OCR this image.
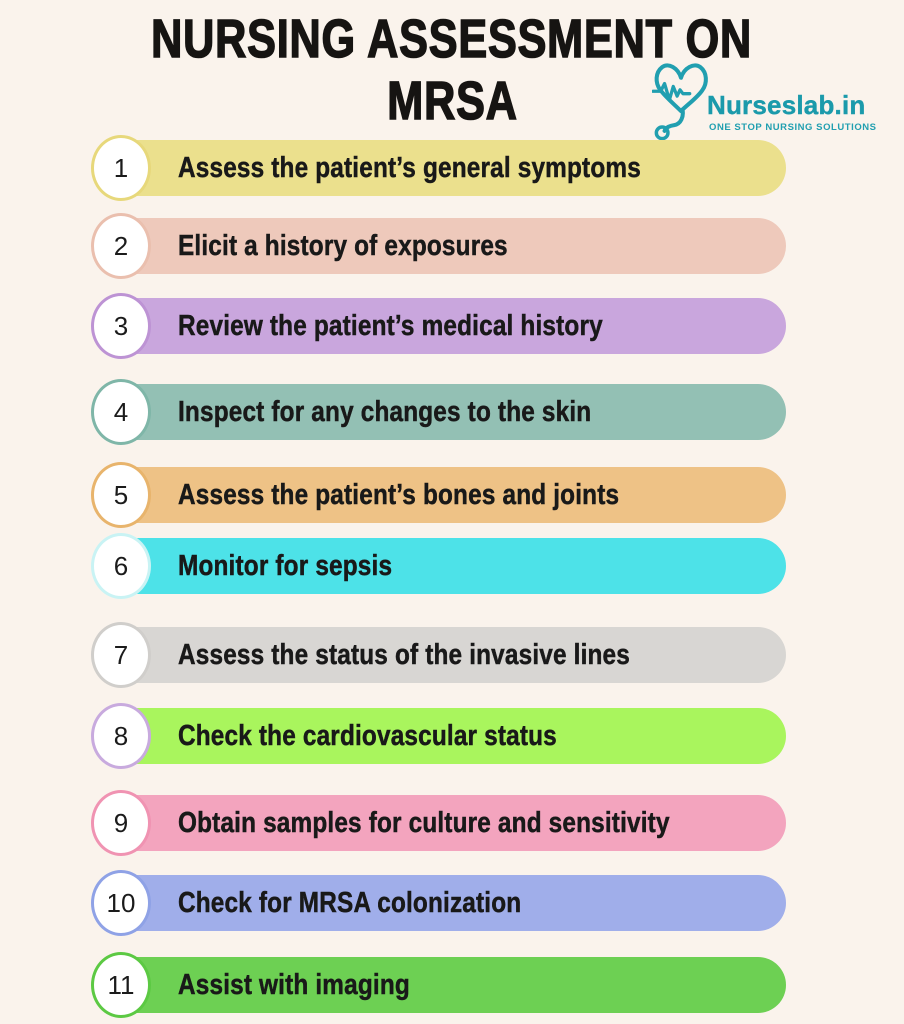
NURSING ASSESSMENT ON
MRSA	Nurseslab.in
ONE STOP NURSING SOLUTIONS
1 Assess the patient’s general symptoms
2 Elicit a history of exposures
3 Review the patient’s medical history
4 Inspect for any changes to the skin
5 Assess the patient’s bones and joints
6 Monitor for sepsis
7 Assess the status of the invasive lines
8 Check the cardiovascular status
9 Obtain samples for culture and sensitivity
10 Check for MRSA colonization
11 Assist with imaging
